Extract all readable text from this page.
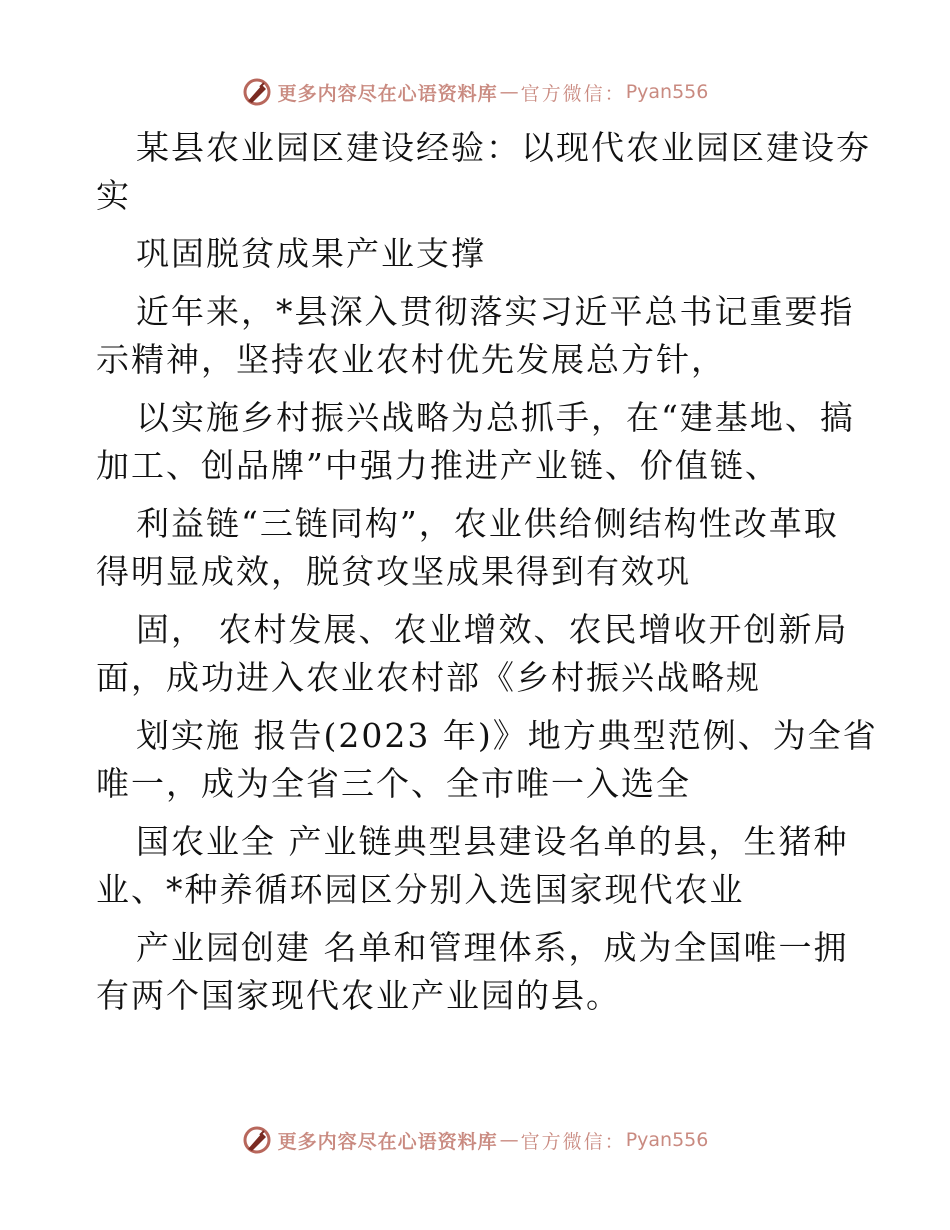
更多内容尽在心语资料库 — 官方微信： Pyan556
某县农业园区建设经验：以现代农业园区建设夯
实
巩固脱贫成果产业支撑
近年来，*县深入贯彻落实习近平总书记重要指
示精神，坚持农业农村优先发展总方针，
以实施乡村振兴战略为总抓手，在“建基地、搞
加工、创品牌”中强力推进产业链、价值链、
利益链“三链同构”，农业供给侧结构性改革取
得明显成效，脱贫攻坚成果得到有效巩
固， 农村发展、农业增效、农民增收开创新局
面，成功进入农业农村部《乡村振兴战略规
划实施 报告(2023 年)》地方典型范例、为全省
唯一，成为全省三个、全市唯一入选全
国农业全 产业链典型县建设名单的县，生猪种
业、*种养循环园区分别入选国家现代农业
产业园创建 名单和管理体系，成为全国唯一拥
有两个国家现代农业产业园的县。
更多内容尽在心语资料库 — 官方微信： Pyan556
